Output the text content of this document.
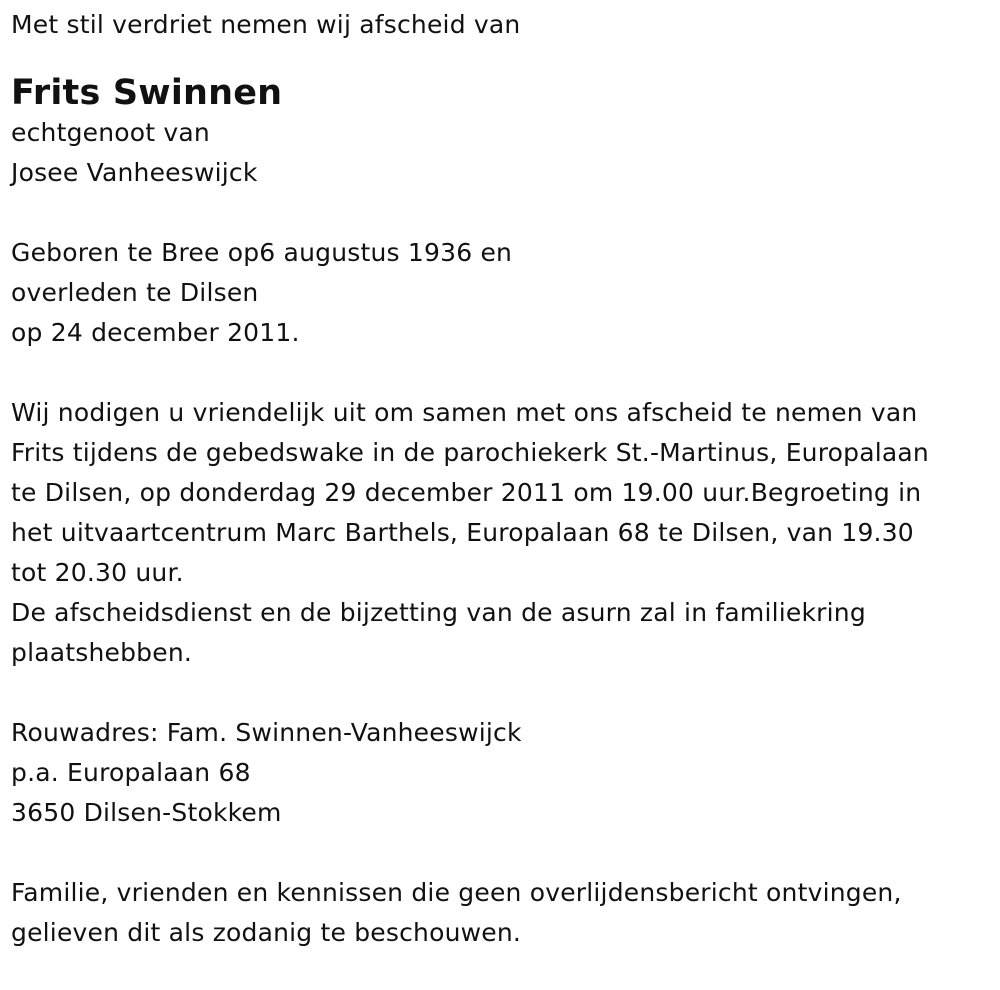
Met stil verdriet nemen wij afscheid van
Frits Swinnen
echtgenoot van
Josee Vanheeswijck
Geboren te Bree op6 augustus 1936 en
overleden te Dilsen
op 24 december 2011.
Wij nodigen u vriendelijk uit om samen met ons afscheid te nemen van
Frits tijdens de gebedswake in de parochiekerk St.-Martinus, Europalaan
te Dilsen, op donderdag 29 december 2011 om 19.00 uur.Begroeting in
het uitvaartcentrum Marc Barthels, Europalaan 68 te Dilsen, van 19.30
tot 20.30 uur.
De afscheidsdienst en de bijzetting van de asurn zal in familiekring
plaatshebben.
Rouwadres: Fam. Swinnen-Vanheeswijck
p.a. Europalaan 68
3650 Dilsen-Stokkem
Familie, vrienden en kennissen die geen overlijdensbericht ontvingen,
gelieven dit als zodanig te beschouwen.
